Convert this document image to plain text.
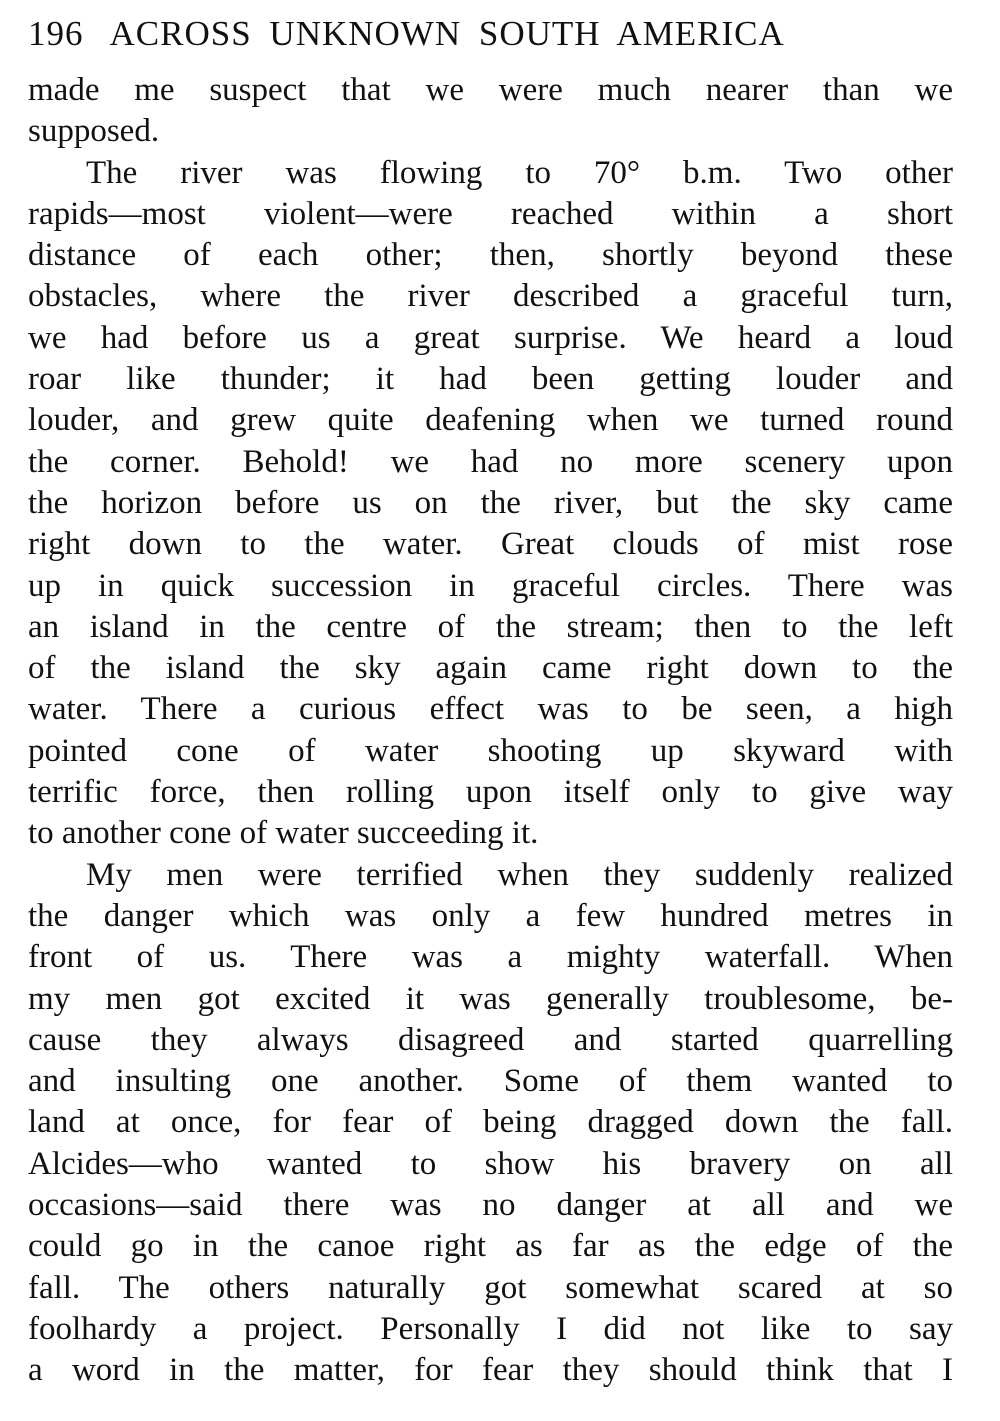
196 ACROSS UNKNOWN SOUTH AMERICA
made me suspect that we were much nearer than we
supposed.
The river was flowing to 70° b.m. Two other
rapids—most violent—were reached within a short
distance of each other; then, shortly beyond these
obstacles, where the river described a graceful turn,
we had before us a great surprise. We heard a loud
roar like thunder; it had been getting louder and
louder, and grew quite deafening when we turned round
the corner. Behold! we had no more scenery upon
the horizon before us on the river, but the sky came
right down to the water. Great clouds of mist rose
up in quick succession in graceful circles. There was
an island in the centre of the stream; then to the left
of the island the sky again came right down to the
water. There a curious effect was to be seen, a high
pointed cone of water shooting up skyward with
terrific force, then rolling upon itself only to give way
to another cone of water succeeding it.
My men were terrified when they suddenly realized
the danger which was only a few hundred metres in
front of us. There was a mighty waterfall. When
my men got excited it was generally troublesome, be-
cause they always disagreed and started quarrelling
and insulting one another. Some of them wanted to
land at once, for fear of being dragged down the fall.
Alcides—who wanted to show his bravery on all
occasions—said there was no danger at all and we
could go in the canoe right as far as the edge of the
fall. The others naturally got somewhat scared at so
foolhardy a project. Personally I did not like to say
a word in the matter, for fear they should think that I
